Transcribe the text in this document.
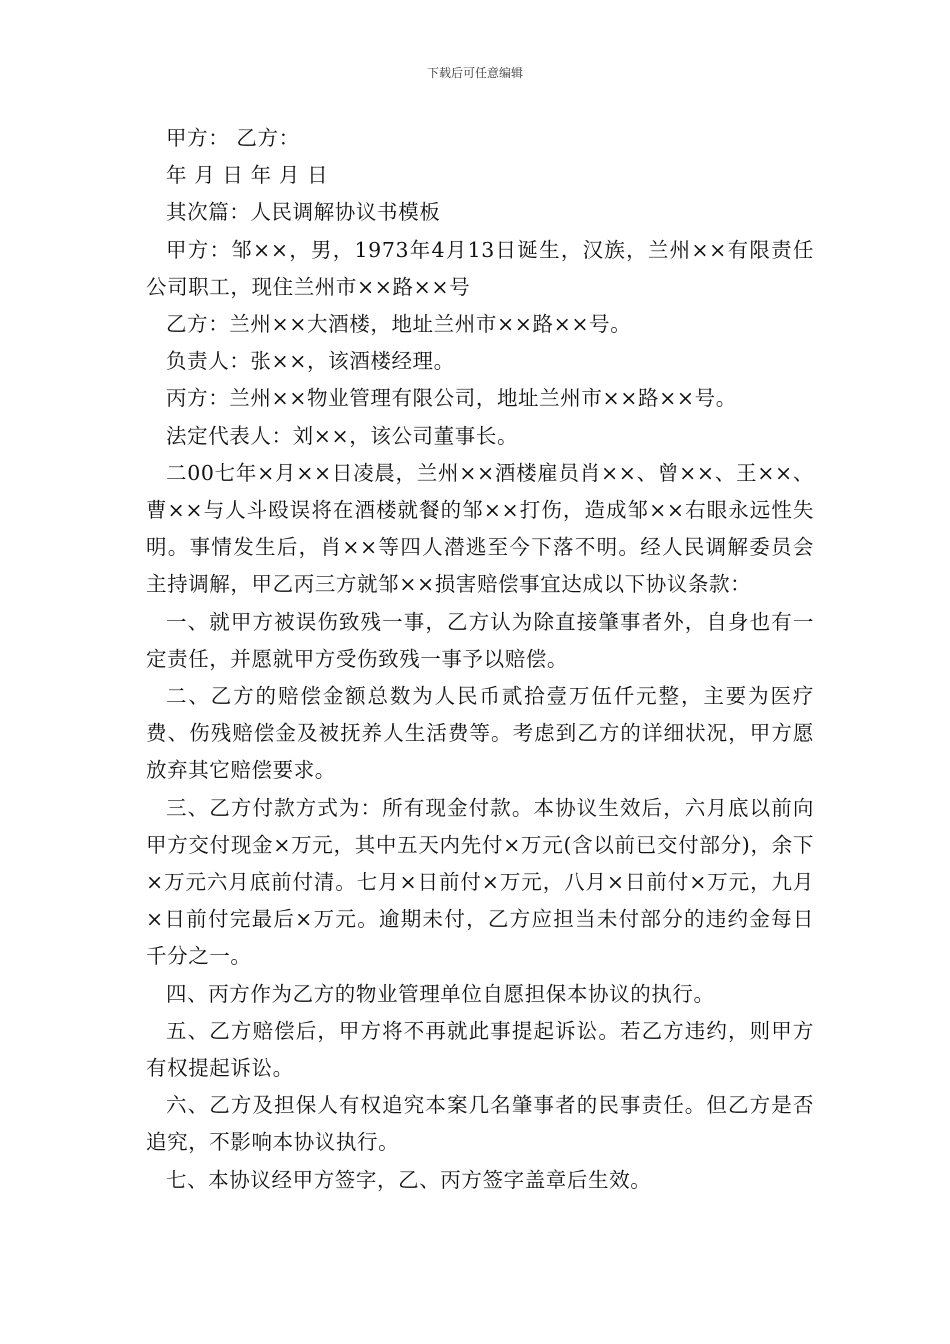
下载后可任意编辑

甲方： 乙方：

年 月 日 年 月 日

其次篇：人民调解协议书模板

甲方：邹××，男，1973年4月13日诞生，汉族，兰州××有限责任公司职工，现住兰州市××路××号

乙方：兰州××大酒楼，地址兰州市××路××号。

负责人：张××，该酒楼经理。

丙方：兰州××物业管理有限公司，地址兰州市××路××号。

法定代表人：刘××，该公司董事长。

二00七年×月××日凌晨，兰州××酒楼雇员肖××、曾××、王××、曹××与人斗殴误将在酒楼就餐的邹××打伤，造成邹××右眼永远性失明。事情发生后，肖××等四人潜逃至今下落不明。经人民调解委员会主持调解，甲乙丙三方就邹××损害赔偿事宜达成以下协议条款：

一、就甲方被误伤致残一事，乙方认为除直接肇事者外，自身也有一定责任，并愿就甲方受伤致残一事予以赔偿。

二、乙方的赔偿金额总数为人民币贰拾壹万伍仟元整，主要为医疗费、伤残赔偿金及被抚养人生活费等。考虑到乙方的详细状况，甲方愿放弃其它赔偿要求。

三、乙方付款方式为：所有现金付款。本协议生效后，六月底以前向甲方交付现金×万元，其中五天内先付×万元(含以前已交付部分)，余下×万元六月底前付清。七月×日前付×万元，八月×日前付×万元，九月×日前付完最后×万元。逾期未付，乙方应担当未付部分的违约金每日千分之一。

四、丙方作为乙方的物业管理单位自愿担保本协议的执行。

五、乙方赔偿后，甲方将不再就此事提起诉讼。若乙方违约，则甲方有权提起诉讼。

六、乙方及担保人有权追究本案几名肇事者的民事责任。但乙方是否追究，不影响本协议执行。

七、本协议经甲方签字，乙、丙方签字盖章后生效。
